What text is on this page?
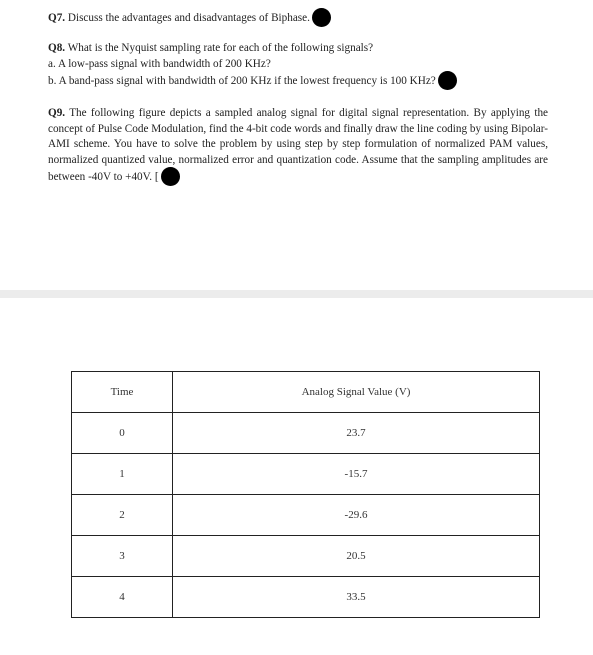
Q7. Discuss the advantages and disadvantages of Biphase.
Q8. What is the Nyquist sampling rate for each of the following signals?
a. A low-pass signal with bandwidth of 200 KHz?
b. A band-pass signal with bandwidth of 200 KHz if the lowest frequency is 100 KHz?
Q9. The following figure depicts a sampled analog signal for digital signal representation. By applying the concept of Pulse Code Modulation, find the 4-bit code words and finally draw the line coding by using Bipolar-AMI scheme. You have to solve the problem by using step by step formulation of normalized PAM values, normalized quantized value, normalized error and quantization code. Assume that the sampling amplitudes are between -40V to +40V. [
Time	Analog Signal Value (V)
0	23.7
1	-15.7
2	-29.6
3	20.5
4	33.5
